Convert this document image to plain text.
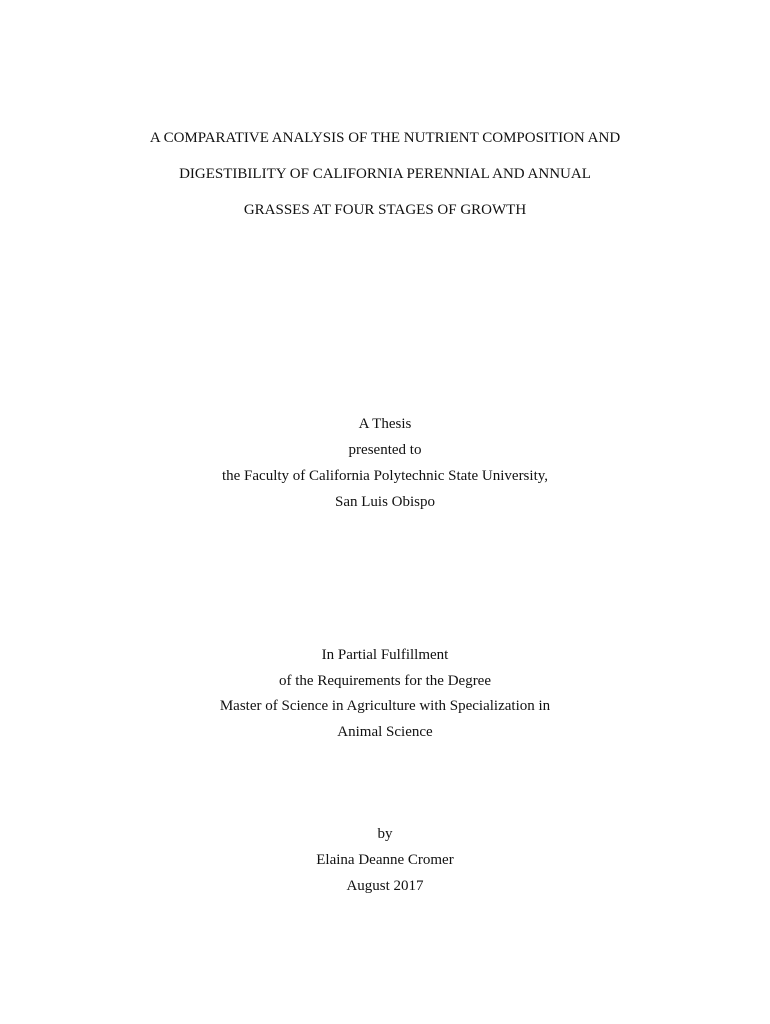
A COMPARATIVE ANALYSIS OF THE NUTRIENT COMPOSITION AND
DIGESTIBILITY OF CALIFORNIA PERENNIAL AND ANNUAL
GRASSES AT FOUR STAGES OF GROWTH
A Thesis
presented to
the Faculty of California Polytechnic State University,
San Luis Obispo
In Partial Fulfillment
of the Requirements for the Degree
Master of Science in Agriculture with Specialization in
Animal Science
by
Elaina Deanne Cromer
August 2017
